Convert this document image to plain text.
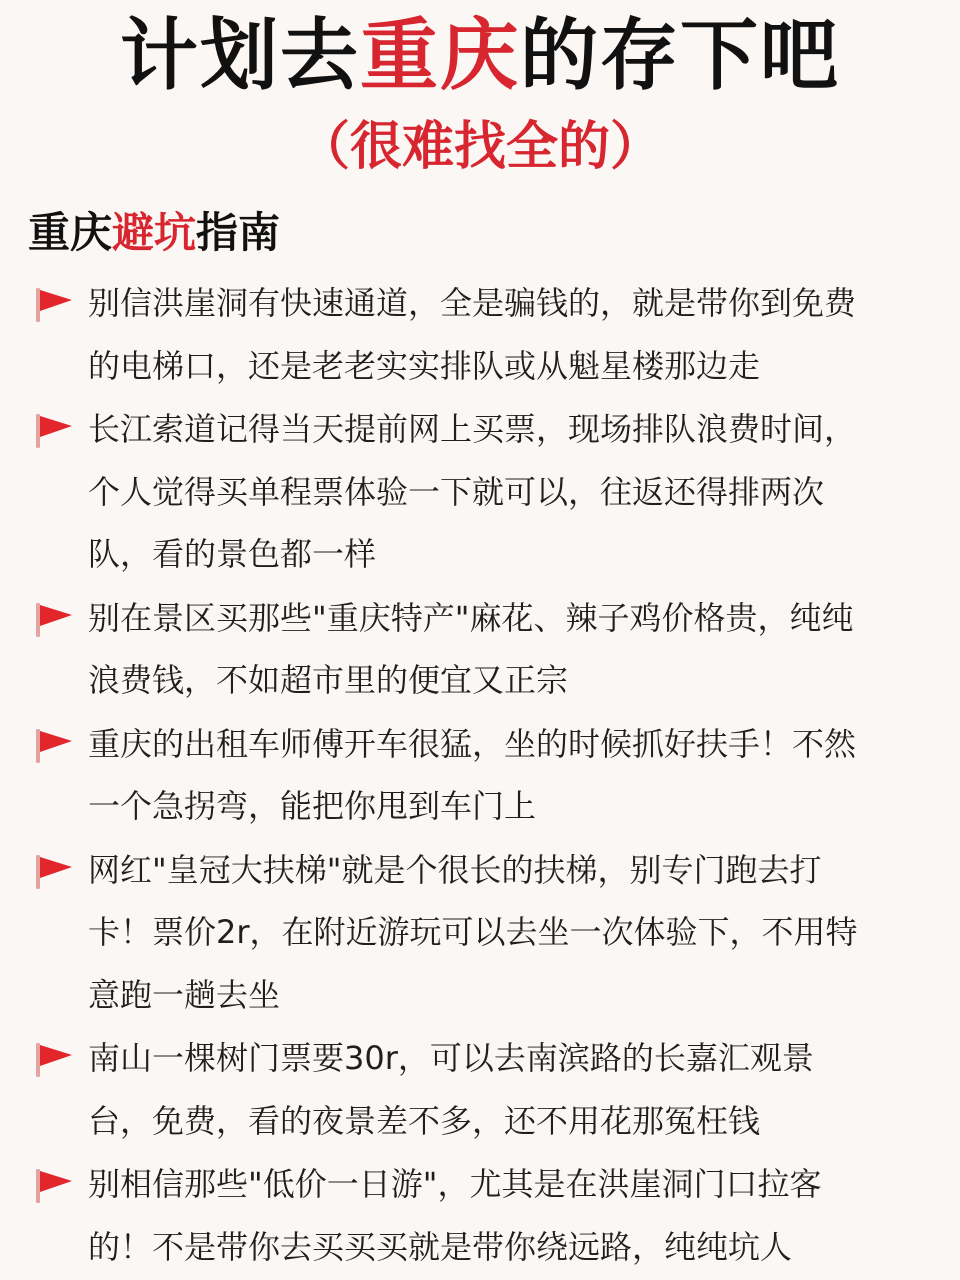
计划去重庆的存下吧
（很难找全的）
重庆避坑指南
别信洪崖洞有快速通道，全是骗钱的，就是带你到免费
的电梯口，还是老老实实排队或从魁星楼那边走
长江索道记得当天提前网上买票，现场排队浪费时间，
个人觉得买单程票体验一下就可以，往返还得排两次
队，看的景色都一样
别在景区买那些"重庆特产"麻花、辣子鸡价格贵，纯纯
浪费钱，不如超市里的便宜又正宗
重庆的出租车师傅开车很猛，坐的时候抓好扶手！不然
一个急拐弯，能把你甩到车门上
网红"皇冠大扶梯"就是个很长的扶梯，别专门跑去打
卡！票价2r，在附近游玩可以去坐一次体验下，不用特
意跑一趟去坐
南山一棵树门票要30r，可以去南滨路的长嘉汇观景
台，免费，看的夜景差不多，还不用花那冤枉钱
别相信那些"低价一日游"，尤其是在洪崖洞门口拉客
的！不是带你去买买买就是带你绕远路，纯纯坑人
